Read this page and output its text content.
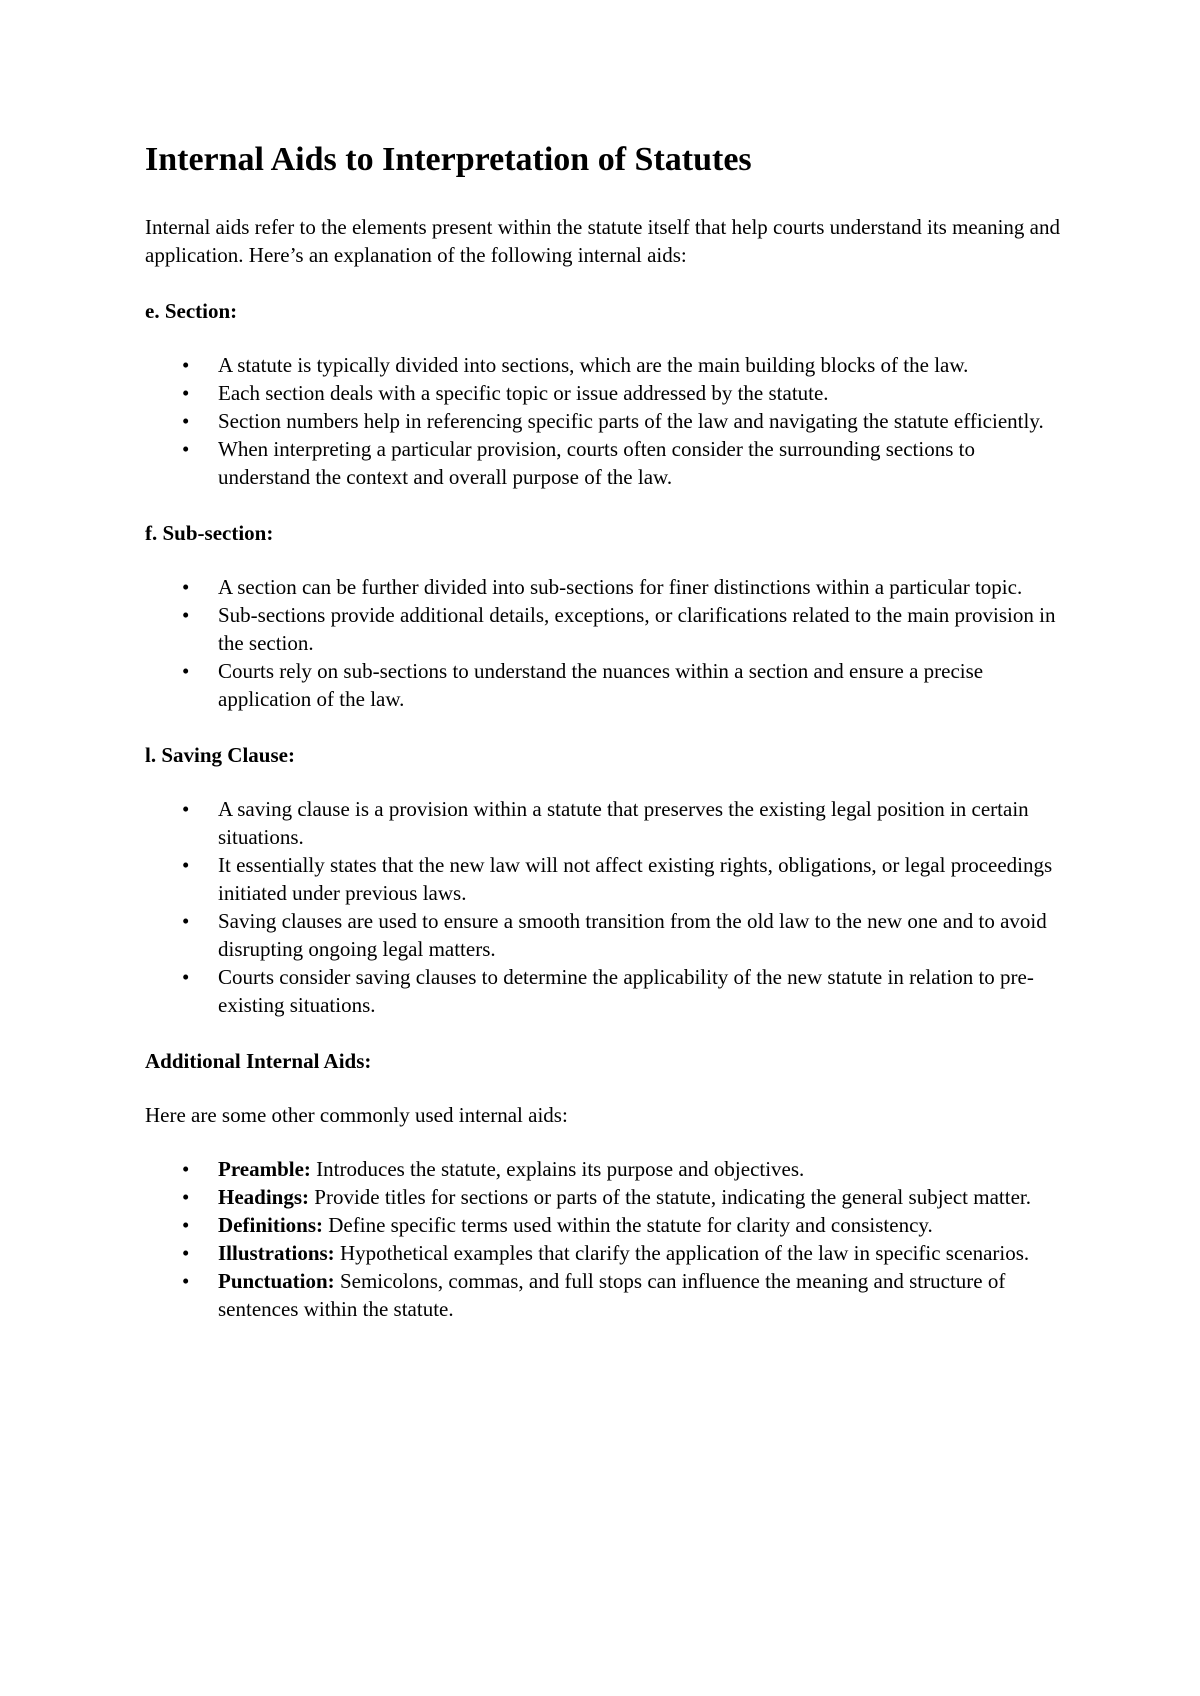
Internal Aids to Interpretation of Statutes

Internal aids refer to the elements present within the statute itself that help courts understand its meaning and application. Here’s an explanation of the following internal aids:

e. Section:

• A statute is typically divided into sections, which are the main building blocks of the law.
• Each section deals with a specific topic or issue addressed by the statute.
• Section numbers help in referencing specific parts of the law and navigating the statute efficiently.
• When interpreting a particular provision, courts often consider the surrounding sections to understand the context and overall purpose of the law.

f. Sub-section:

• A section can be further divided into sub-sections for finer distinctions within a particular topic.
• Sub-sections provide additional details, exceptions, or clarifications related to the main provision in the section.
• Courts rely on sub-sections to understand the nuances within a section and ensure a precise application of the law.

l. Saving Clause:

• A saving clause is a provision within a statute that preserves the existing legal position in certain situations.
• It essentially states that the new law will not affect existing rights, obligations, or legal proceedings initiated under previous laws.
• Saving clauses are used to ensure a smooth transition from the old law to the new one and to avoid disrupting ongoing legal matters.
• Courts consider saving clauses to determine the applicability of the new statute in relation to pre-existing situations.

Additional Internal Aids:

Here are some other commonly used internal aids:

• Preamble: Introduces the statute, explains its purpose and objectives.
• Headings: Provide titles for sections or parts of the statute, indicating the general subject matter.
• Definitions: Define specific terms used within the statute for clarity and consistency.
• Illustrations: Hypothetical examples that clarify the application of the law in specific scenarios.
• Punctuation: Semicolons, commas, and full stops can influence the meaning and structure of sentences within the statute.
